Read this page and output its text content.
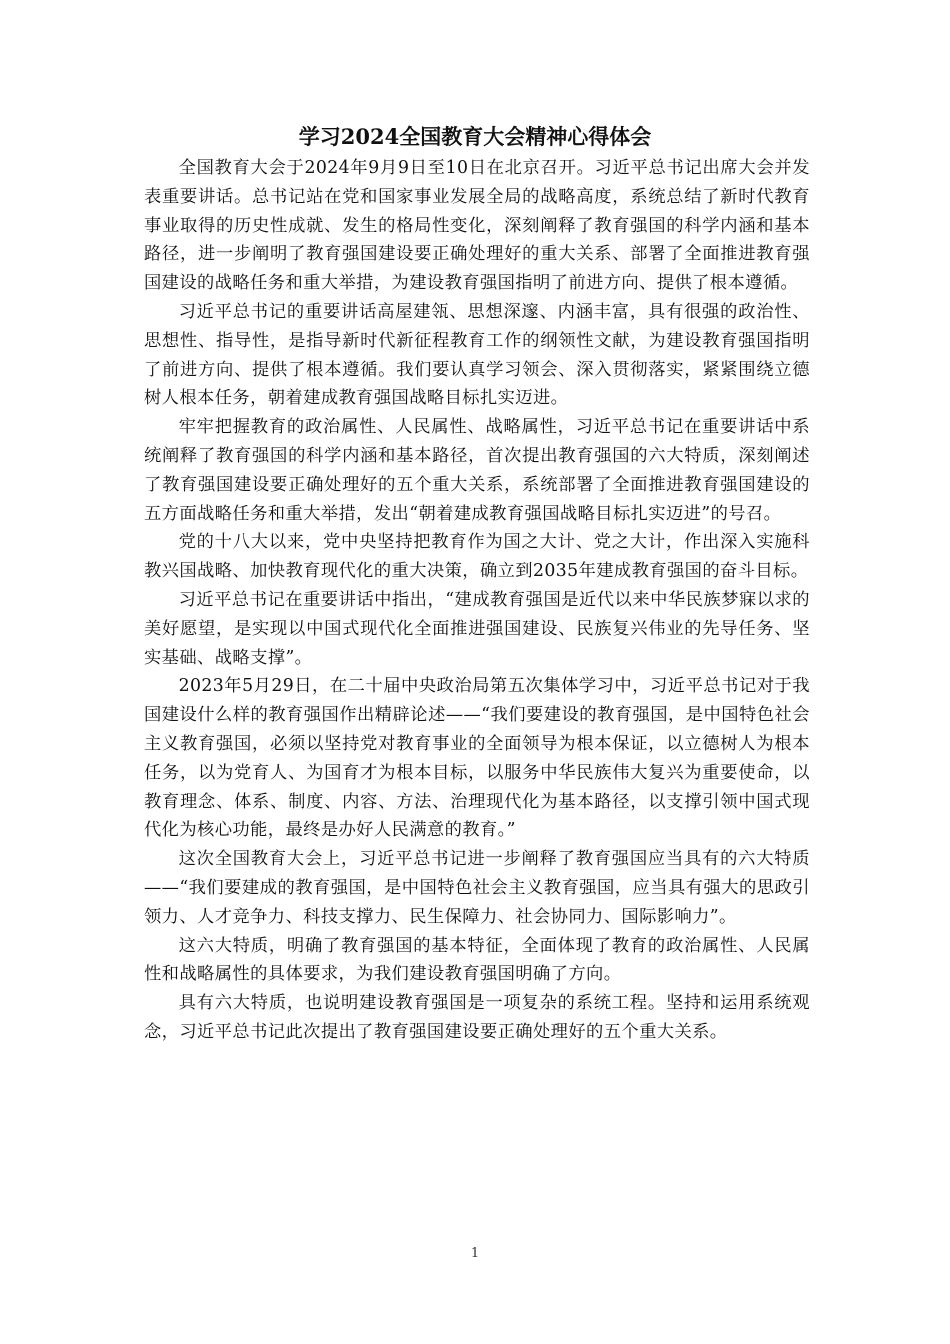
学习2024全国教育大会精神心得体会

全国教育大会于2024年9月9日至10日在北京召开。习近平总书记出席大会并发表重要讲话。总书记站在党和国家事业发展全局的战略高度，系统总结了新时代教育事业取得的历史性成就、发生的格局性变化，深刻阐释了教育强国的科学内涵和基本路径，进一步阐明了教育强国建设要正确处理好的重大关系、部署了全面推进教育强国建设的战略任务和重大举措，为建设教育强国指明了前进方向、提供了根本遵循。

习近平总书记的重要讲话高屋建瓴、思想深邃、内涵丰富，具有很强的政治性、思想性、指导性，是指导新时代新征程教育工作的纲领性文献，为建设教育强国指明了前进方向、提供了根本遵循。我们要认真学习领会、深入贯彻落实，紧紧围绕立德树人根本任务，朝着建成教育强国战略目标扎实迈进。

牢牢把握教育的政治属性、人民属性、战略属性，习近平总书记在重要讲话中系统阐释了教育强国的科学内涵和基本路径，首次提出教育强国的六大特质，深刻阐述了教育强国建设要正确处理好的五个重大关系，系统部署了全面推进教育强国建设的五方面战略任务和重大举措，发出“朝着建成教育强国战略目标扎实迈进”的号召。

党的十八大以来，党中央坚持把教育作为国之大计、党之大计，作出深入实施科教兴国战略、加快教育现代化的重大决策，确立到2035年建成教育强国的奋斗目标。

习近平总书记在重要讲话中指出，“建成教育强国是近代以来中华民族梦寐以求的美好愿望，是实现以中国式现代化全面推进强国建设、民族复兴伟业的先导任务、坚实基础、战略支撑”。

2023年5月29日，在二十届中央政治局第五次集体学习中，习近平总书记对于我国建设什么样的教育强国作出精辟论述——“我们要建设的教育强国，是中国特色社会主义教育强国，必须以坚持党对教育事业的全面领导为根本保证，以立德树人为根本任务，以为党育人、为国育才为根本目标，以服务中华民族伟大复兴为重要使命，以教育理念、体系、制度、内容、方法、治理现代化为基本路径，以支撑引领中国式现代化为核心功能，最终是办好人民满意的教育。”

这次全国教育大会上，习近平总书记进一步阐释了教育强国应当具有的六大特质——“我们要建成的教育强国，是中国特色社会主义教育强国，应当具有强大的思政引领力、人才竞争力、科技支撑力、民生保障力、社会协同力、国际影响力”。

这六大特质，明确了教育强国的基本特征，全面体现了教育的政治属性、人民属性和战略属性的具体要求，为我们建设教育强国明确了方向。

具有六大特质，也说明建设教育强国是一项复杂的系统工程。坚持和运用系统观念，习近平总书记此次提出了教育强国建设要正确处理好的五个重大关系。

1
